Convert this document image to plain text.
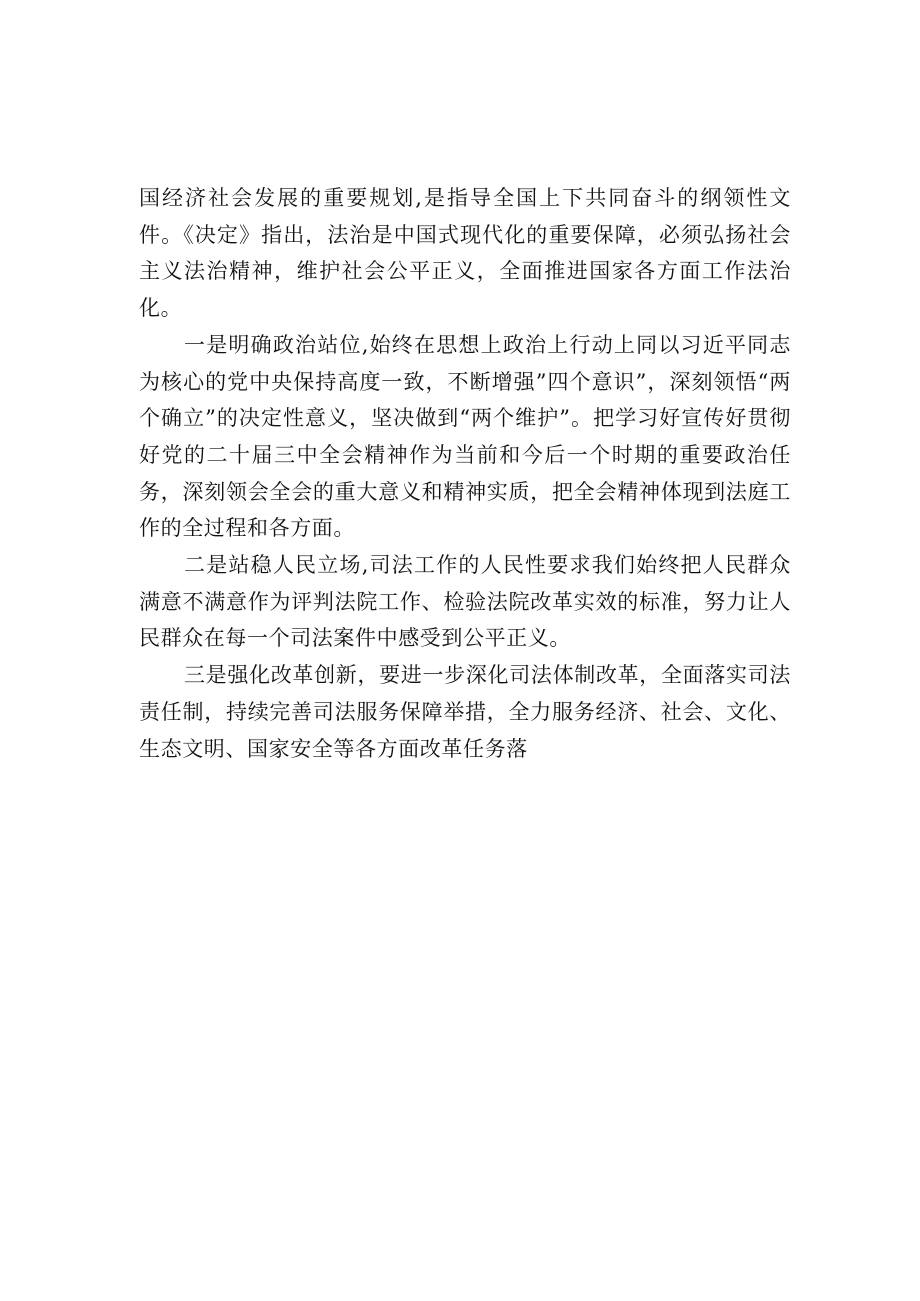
国经济社会发展的重要规划,是指导全国上下共同奋斗的纲领性文件。《决定》指出，法治是中国式现代化的重要保障，必须弘扬社会主义法治精神，维护社会公平正义，全面推进国家各方面工作法治化。

一是明确政治站位,始终在思想上政治上行动上同以习近平同志为核心的党中央保持高度一致，不断增强”四个意识”，深刻领悟“两个确立”的决定性意义，坚决做到“两个维护”。把学习好宣传好贯彻好党的二十届三中全会精神作为当前和今后一个时期的重要政治任务，深刻领会全会的重大意义和精神实质，把全会精神体现到法庭工作的全过程和各方面。

二是站稳人民立场,司法工作的人民性要求我们始终把人民群众满意不满意作为评判法院工作、检验法院改革实效的标准，努力让人民群众在每一个司法案件中感受到公平正义。

三是强化改革创新，要进一步深化司法体制改革，全面落实司法责任制，持续完善司法服务保障举措，全力服务经济、社会、文化、生态文明、国家安全等各方面改革任务落
